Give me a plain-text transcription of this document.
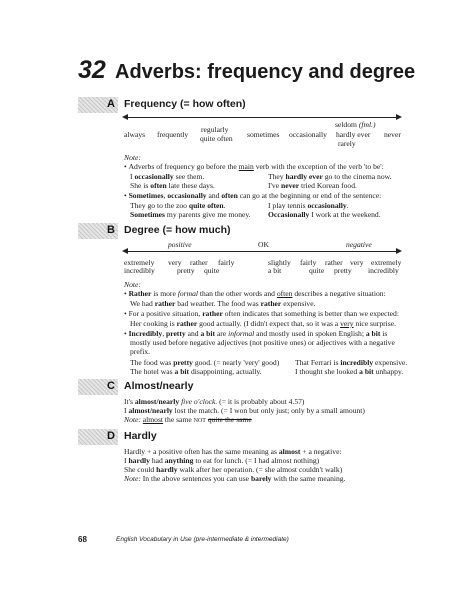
32 Adverbs: frequency and degree
A Frequency (= how often)
always frequently
regularly
quite often sometimes occasionally
seldom (fml.)
hardly ever
rarely
never
Note:
• Adverbs of frequency go before the main verb with the exception of the verb 'to be':
I occasionally see them.	They hardly ever go to the cinema now.
She is often late these days.	I've never tried Korean food.
• Sometimes, occasionally and often can go at the beginning or end of the sentence:
They go to the zoo quite often.	I play tennis occasionally.
Sometimes my parents give me money. Occasionally I work at the weekend.
B Degree (= how much)
positive	OK	negative
extremely
incredibly
very
pretty
rather
quite
fairly	slightly
a bit
fairly rather
quite
very
pretty
extremely
incredibly
Note:
• Rather is more formal than the other words and often describes a negative situation:
We had rather bad weather. The food was rather expensive.
• For a positive situation, rather often indicates that something is better than we expected:
Her cooking is rather good actually. (I didn't expect that, so it was a very nice surprise.
• Incredibly, pretty and a bit are informal and mostly used in spoken English; a bit is
mostly used before negative adjectives (not positive ones) or adjectives with a negative
prefix.
The food was pretty good. (= nearly 'very' good) That Ferrari is incredibly expensive.
The hotel was a bit disappointing, actually.	I thought she looked a bit unhappy.
C Almost/nearly
It's almost/nearly five o'clock. (= it is probably about 4.57)
I almost/nearly lost the match. (= I won but only just; only by a small amount)
Note: almost the same NOT quite the same
D Hardly
Hardly + a positive often has the same meaning as almost + a negative:
I hardly had anything to eat for lunch. (= I had almost nothing)
She could hardly walk after her operation. (= she almost couldn't walk)
Note: In the above sentences you can use barely with the same meaning.
68	English Vocabulary in Use (pre-intermediate & intermediate)
